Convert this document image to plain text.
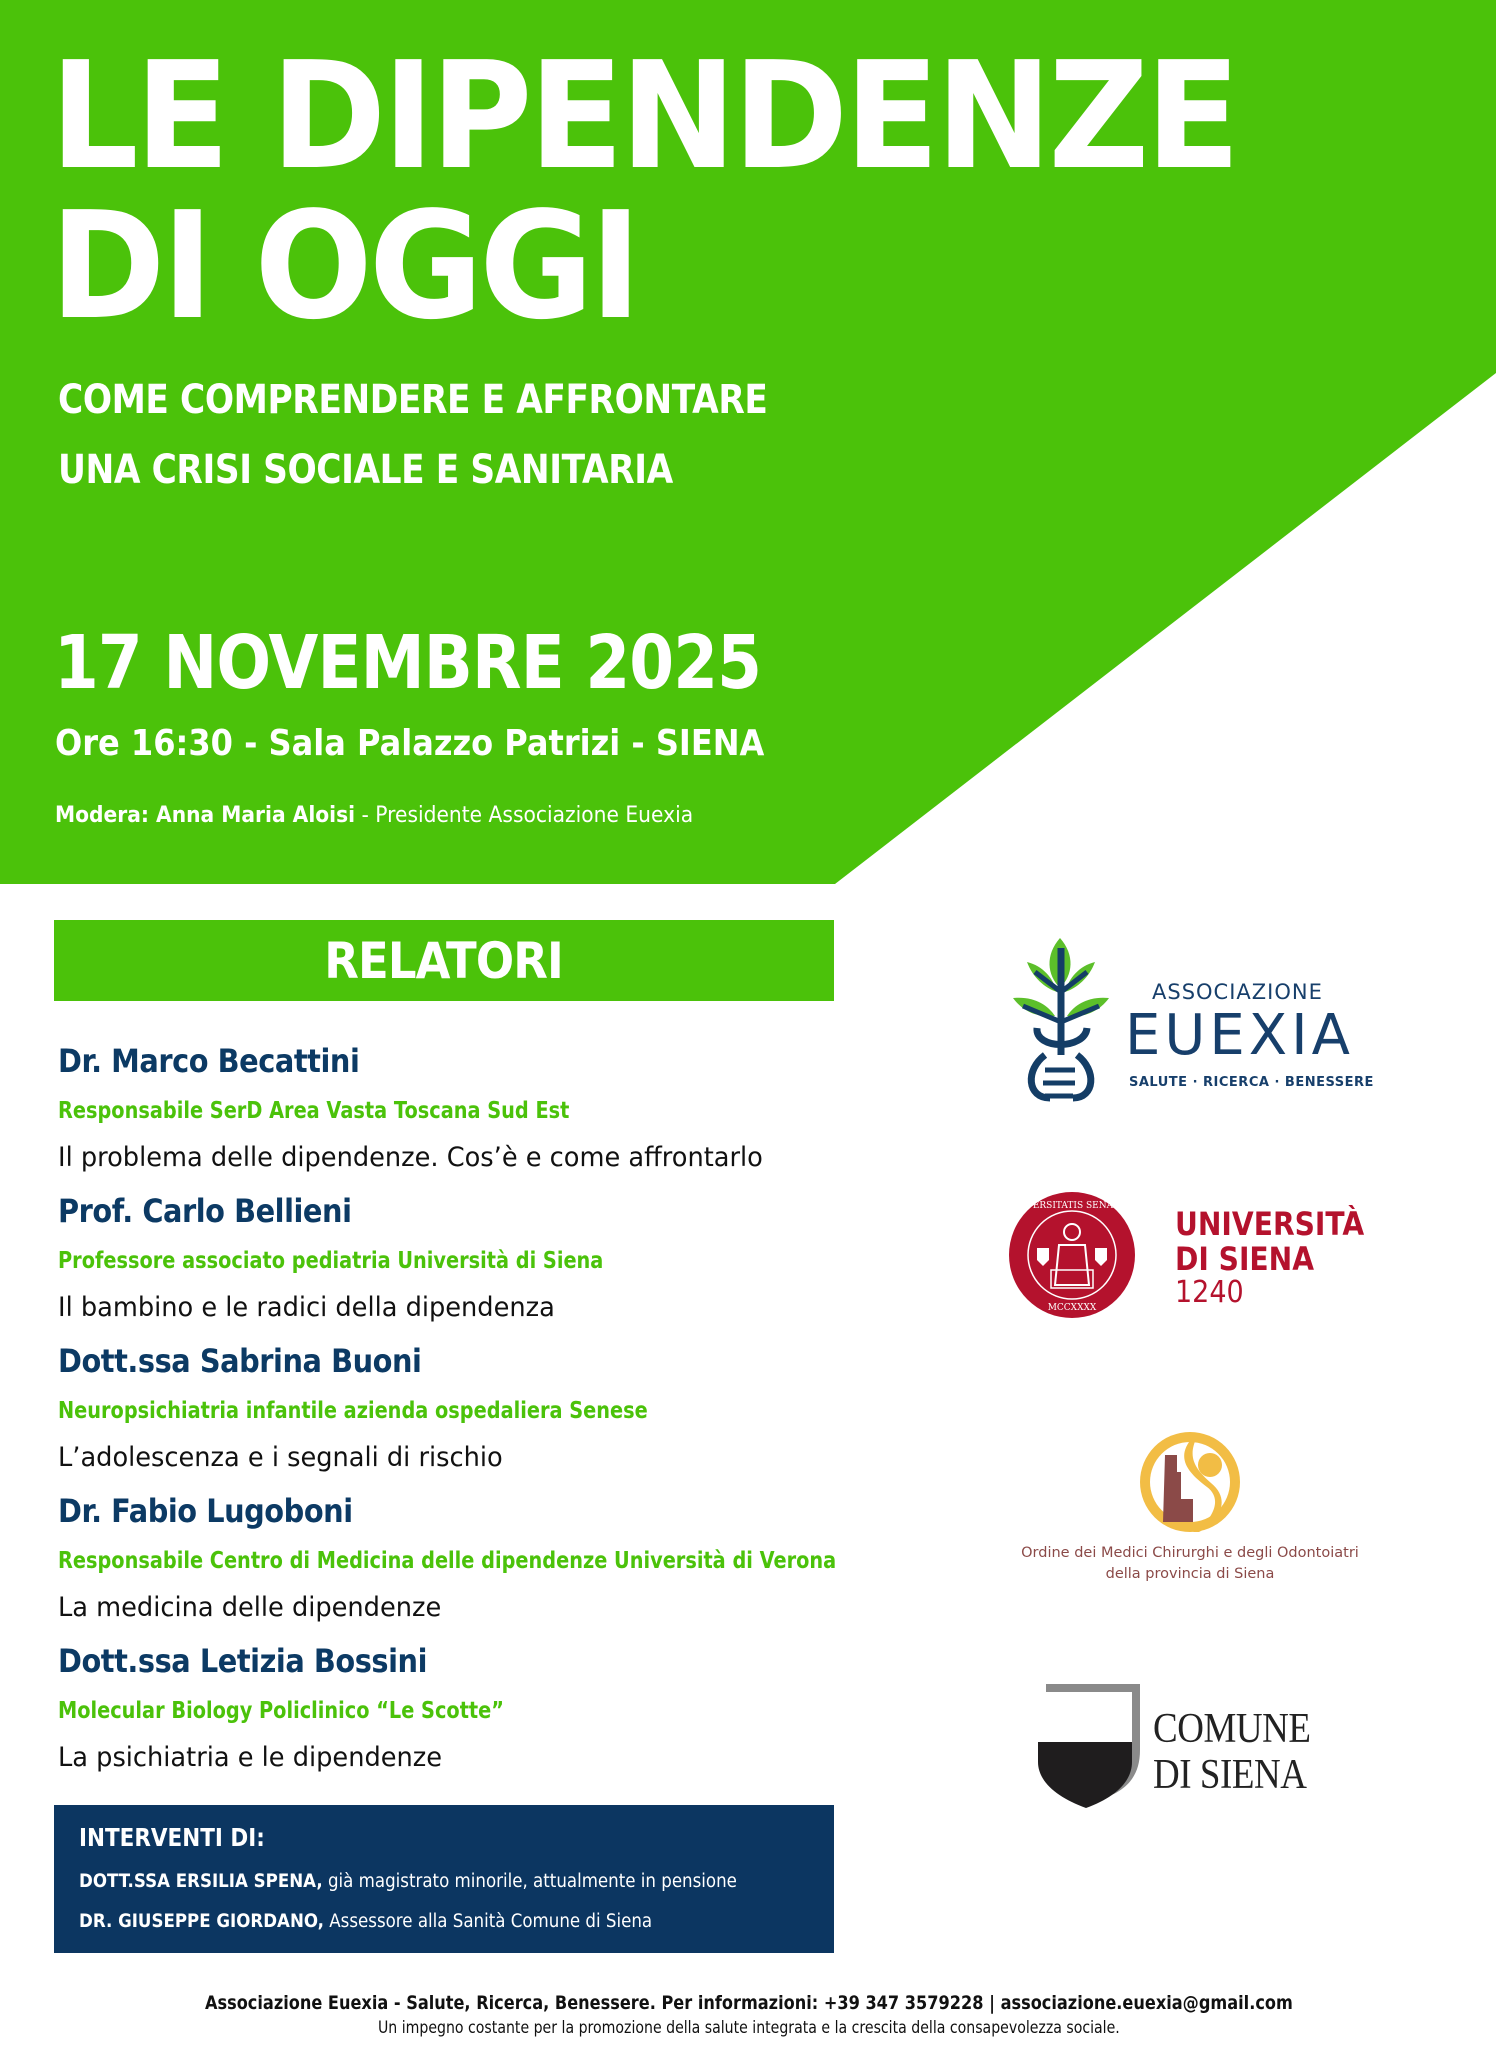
LE DIPENDENZE
DI OGGI
COME COMPRENDERE E AFFRONTARE
UNA CRISI SOCIALE E SANITARIA
17 NOVEMBRE 2025
Ore 16:30 - Sala Palazzo Patrizi - SIENA
Modera: Anna Maria Aloisi - Presidente Associazione Euexia
RELATORI
Dr. Marco Becattini
Responsabile SerD Area Vasta Toscana Sud Est
Il problema delle dipendenze. Cos’è e come affrontarlo
Prof. Carlo Bellieni
Professore associato pediatria Università di Siena
Il bambino e le radici della dipendenza
Dott.ssa Sabrina Buoni
Neuropsichiatria infantile azienda ospedaliera Senese
L’adolescenza e i segnali di rischio
Dr. Fabio Lugoboni
Responsabile Centro di Medicina delle dipendenze Università di Verona
La medicina delle dipendenze
Dott.ssa Letizia Bossini
Molecular Biology Policlinico “Le Scotte”
La psichiatria e le dipendenze
INTERVENTI DI:
DOTT.SSA ERSILIA SPENA, già magistrato minorile, attualmente in pensione
DR. GIUSEPPE GIORDANO, Assessore alla Sanità Comune di Siena
ASSOCIAZIONE
EUEXIA
SALUTE · RICERCA · BENESSERE
UNIVERSITATIS SENARUM
MCCXXXX
UNIVERSITÀ
DI SIENA
1240
Ordine dei Medici Chirurghi e degli Odontoiatri
della provincia di Siena
COMUNE
DI SIENA
Associazione Euexia - Salute, Ricerca, Benessere. Per informazioni: +39 347 3579228 | associazione.euexia@gmail.com
Un impegno costante per la promozione della salute integrata e la crescita della consapevolezza sociale.
